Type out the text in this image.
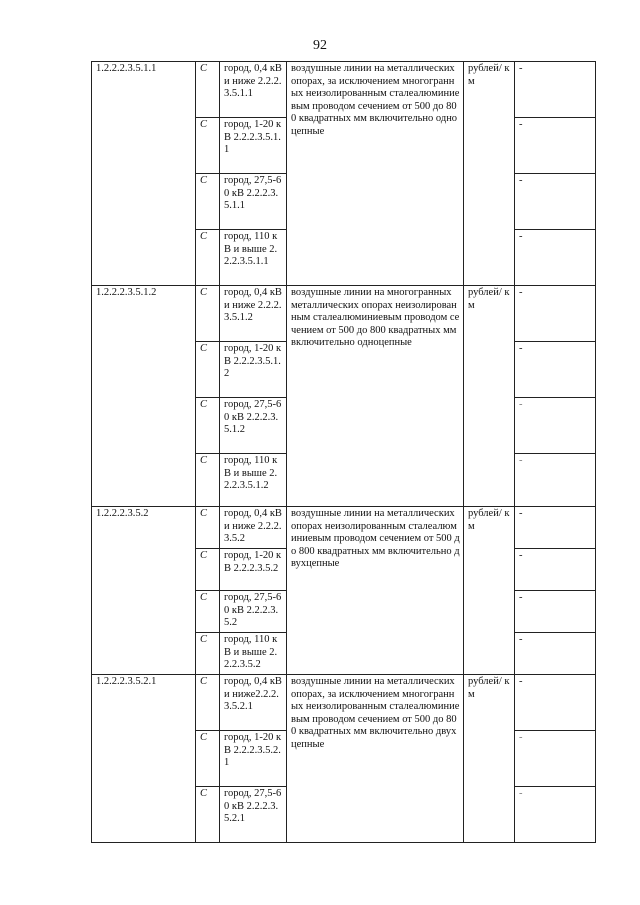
92
1.2.2.2.3.5.1.1	С	город, 0,4 кВ и ниже 2.2.2.3.5.1.1	воздушные линии на металлических опорах, за исключением многогранных неизолированным сталеалюминиевым проводом сечением от 500 до 800 квадратных мм включительно одноцепные	рублей/ км	-
	С	город, 1-20 кВ 2.2.2.3.5.1.1			-
	С	город, 27,5-60 кВ 2.2.2.3.5.1.1			-
	С	город, 110 кВ и выше 2.2.2.3.5.1.1			-
1.2.2.2.3.5.1.2	С	город, 0,4 кВ и ниже 2.2.2.3.5.1.2	воздушные линии на многогранных металлических опорах неизолированным сталеалюминиевым проводом сечением от 500 до 800 квадратных мм включительно одноцепные	рублей/ км	-
	С	город, 1-20 кВ 2.2.2.3.5.1.2			-
	С	город, 27,5-60 кВ 2.2.2.3.5.1.2			-
	С	город, 110 кВ и выше 2.2.2.3.5.1.2			-
1.2.2.2.3.5.2	С	город, 0,4 кВ и ниже 2.2.2.3.5.2	воздушные линии на металлических опорах неизолированным сталеалюминиевым проводом сечением от 500 до 800 квадратных мм включительно двухцепные	рублей/ км	-
	С	город, 1-20 кВ 2.2.2.3.5.2			-
	С	город, 27,5-60 кВ 2.2.2.3.5.2			-
	С	город, 110 кВ и выше 2.2.2.3.5.2			-
1.2.2.2.3.5.2.1	С	город, 0,4 кВ и ниже2.2.2.3.5.2.1	воздушные линии на металлических опорах, за исключением многогранных неизолированным сталеалюминиевым проводом сечением от 500 до 800 квадратных мм включительно двухцепные	рублей/ км	-
	С	город, 1-20 кВ 2.2.2.3.5.2.1			-
	С	город, 27,5-60 кВ 2.2.2.3.5.2.1			-
